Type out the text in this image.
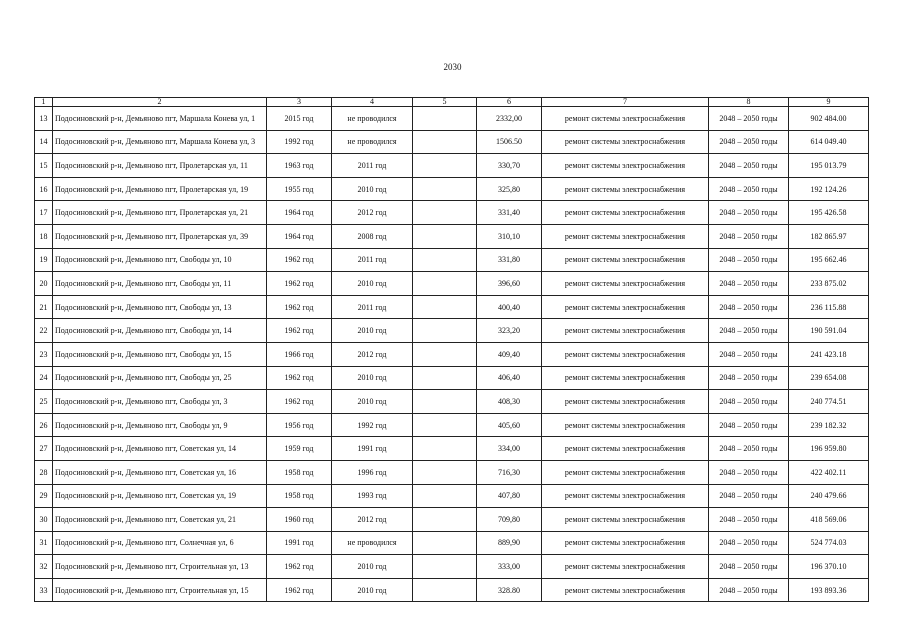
2030
1	2	3	4	5	6	7	8	9
13	Подосиновский р-н, Демьяново пгт, Маршала Конева ул, 1	2015 год	не проводился		2332,00	ремонт системы электроснабжения	2048 – 2050 годы	902 484.00
14	Подосиновский р-н, Демьяново пгт, Маршала Конева ул, 3	1992 год	не проводился		1506.50	ремонт системы электроснабжения	2048 – 2050 годы	614 049.40
15	Подосиновский р-н, Демьяново пгт, Пролетарская ул, 11	1963 год	2011 год		330,70	ремонт системы электроснабжения	2048 – 2050 годы	195 013.79
16	Подосиновский р-н, Демьяново пгт, Пролетарская ул, 19	1955 год	2010 год		325,80	ремонт системы электроснабжения	2048 – 2050 годы	192 124.26
17	Подосиновский р-н, Демьяново пгт, Пролетарская ул, 21	1964 год	2012 год		331,40	ремонт системы электроснабжения	2048 – 2050 годы	195 426.58
18	Подосиновский р-н, Демьяново пгт, Пролетарская ул, 39	1964 год	2008 год		310,10	ремонт системы электроснабжения	2048 – 2050 годы	182 865.97
19	Подосиновский р-н, Демьяново пгт, Свободы ул, 10	1962 год	2011 год		331,80	ремонт системы электроснабжения	2048 – 2050 годы	195 662.46
20	Подосиновский р-н, Демьяново пгт, Свободы ул, 11	1962 год	2010 год		396,60	ремонт системы электроснабжения	2048 – 2050 годы	233 875.02
21	Подосиновский р-н, Демьяново пгт, Свободы ул, 13	1962 год	2011 год		400,40	ремонт системы электроснабжения	2048 – 2050 годы	236 115.88
22	Подосиновский р-н, Демьяново пгт, Свободы ул, 14	1962 год	2010 год		323,20	ремонт системы электроснабжения	2048 – 2050 годы	190 591.04
23	Подосиновский р-н, Демьяново пгт, Свободы ул, 15	1966 год	2012 год		409,40	ремонт системы электроснабжения	2048 – 2050 годы	241 423.18
24	Подосиновский р-н, Демьяново пгт, Свободы ул, 25	1962 год	2010 год		406,40	ремонт системы электроснабжения	2048 – 2050 годы	239 654.08
25	Подосиновский р-н, Демьяново пгт, Свободы ул, 3	1962 год	2010 год		408,30	ремонт системы электроснабжения	2048 – 2050 годы	240 774.51
26	Подосиновский р-н, Демьяново пгт, Свободы ул, 9	1956 год	1992 год		405,60	ремонт системы электроснабжения	2048 – 2050 годы	239 182.32
27	Подосиновский р-н, Демьяново пгт, Советская ул, 14	1959 год	1991 год		334,00	ремонт системы электроснабжения	2048 – 2050 годы	196 959.80
28	Подосиновский р-н, Демьяново пгт, Советская ул, 16	1958 год	1996 год		716,30	ремонт системы электроснабжения	2048 – 2050 годы	422 402.11
29	Подосиновский р-н, Демьяново пгт, Советская ул, 19	1958 год	1993 год		407,80	ремонт системы электроснабжения	2048 – 2050 годы	240 479.66
30	Подосиновский р-н, Демьяново пгт, Советская ул, 21	1960 год	2012 год		709,80	ремонт системы электроснабжения	2048 – 2050 годы	418 569.06
31	Подосиновский р-н, Демьяново пгт, Солнечная ул, 6	1991 год	не проводился		889,90	ремонт системы электроснабжения	2048 – 2050 годы	524 774.03
32	Подосиновский р-н, Демьяново пгт, Строительная ул, 13	1962 год	2010 год		333,00	ремонт системы электроснабжения	2048 – 2050 годы	196 370.10
33	Подосиновский р-н, Демьяново пгт, Строительная ул, 15	1962 год	2010 год		328.80	ремонт системы электроснабжения	2048 – 2050 годы	193 893.36
